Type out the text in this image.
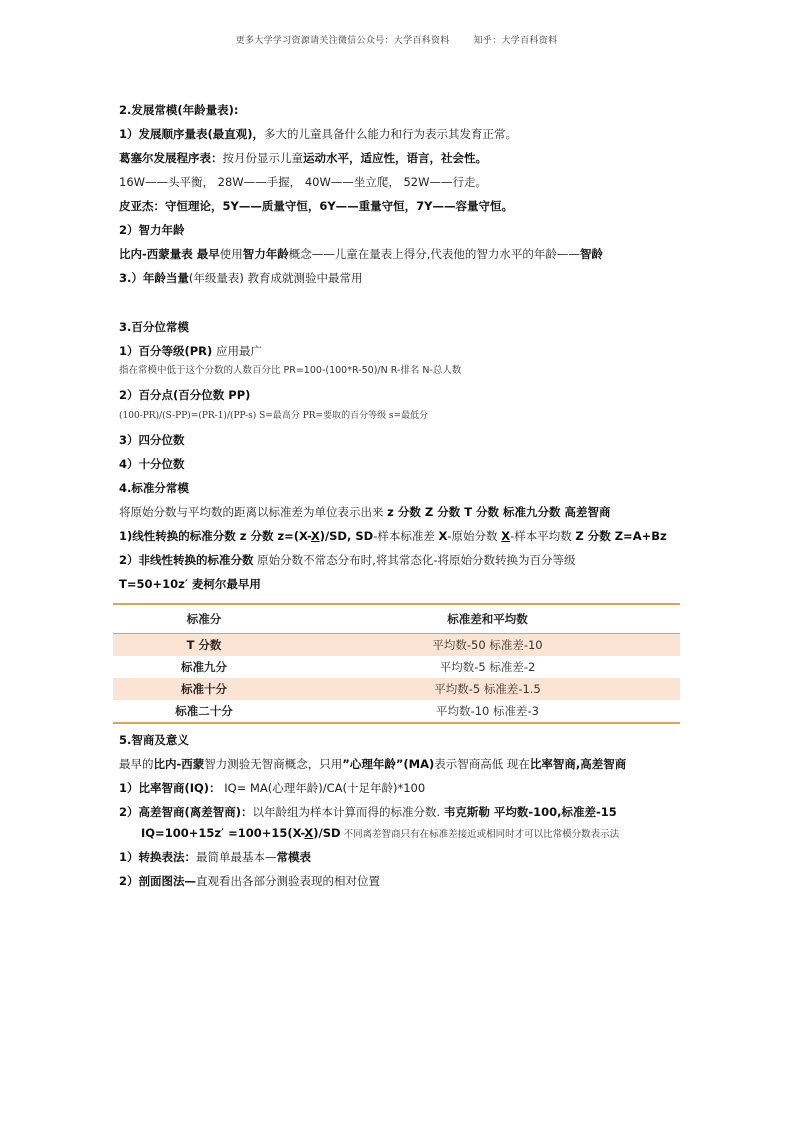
更多大学学习资源请关注微信公众号：大学百科资料	知乎：大学百科资料
2.发展常模(年龄量表):
1）发展顺序量表(最直观)，多大的儿童具备什么能力和行为表示其发育正常。
葛塞尔发展程序表：按月份显示儿童运动水平，适应性，语言，社会性。
16W——头平衡， 28W——手握， 40W——坐立爬， 52W——行走。
皮亚杰：守恒理论，5Y——质量守恒，6Y——重量守恒，7Y——容量守恒。
2）智力年龄
比内-西蒙量表 最早使用智力年龄概念——儿童在量表上得分,代表他的智力水平的年龄——智龄
3.）年龄当量(年级量表) 教育成就测验中最常用
3.百分位常模
1）百分等级(PR) 应用最广
指在常模中低于这个分数的人数百分比 PR=100-(100*R-50)/N R-排名 N-总人数
2）百分点(百分位数 PP)
(100-PR)/(S-PP)=(PR-1)/(PP-s) S=最高分 PR=要取的百分等级 s=最低分
3）四分位数
4）十分位数
4.标准分常模
将原始分数与平均数的距离以标准差为单位表示出来 z 分数 Z 分数 T 分数 标准九分数 高差智商
1)线性转换的标准分数 z 分数 z=(X-X)/SD, SD-样本标准差 X-原始分数 X-样本平均数 Z 分数 Z=A+Bz
2）非线性转换的标准分数 原始分数不常态分布时,将其常态化-将原始分数转换为百分等级
T=50+10z′ 麦柯尔最早用
标准分	标准差和平均数
T 分数	平均数-50 标准差-10
标准九分	平均数-5 标准差-2
标准十分	平均数-5 标准差-1.5
标准二十分	平均数-10 标准差-3
5.智商及意义
最早的比内-西蒙智力测验无智商概念，只用”心理年龄”(MA)表示智商高低 现在比率智商,高差智商
1）比率智商(IQ)： IQ= MA(心理年龄)/CA(十足年龄)*100
2）高差智商(离差智商)：以年龄组为样本计算而得的标准分数. 韦克斯勒 平均数-100,标准差-15
IQ=100+15z′ =100+15(X-X)/SD 不同离差智商只有在标准差接近或相同时才可以比常模分数表示法
1）转换表法：最简单最基本—常模表
2）剖面图法—直观看出各部分测验表现的相对位置
